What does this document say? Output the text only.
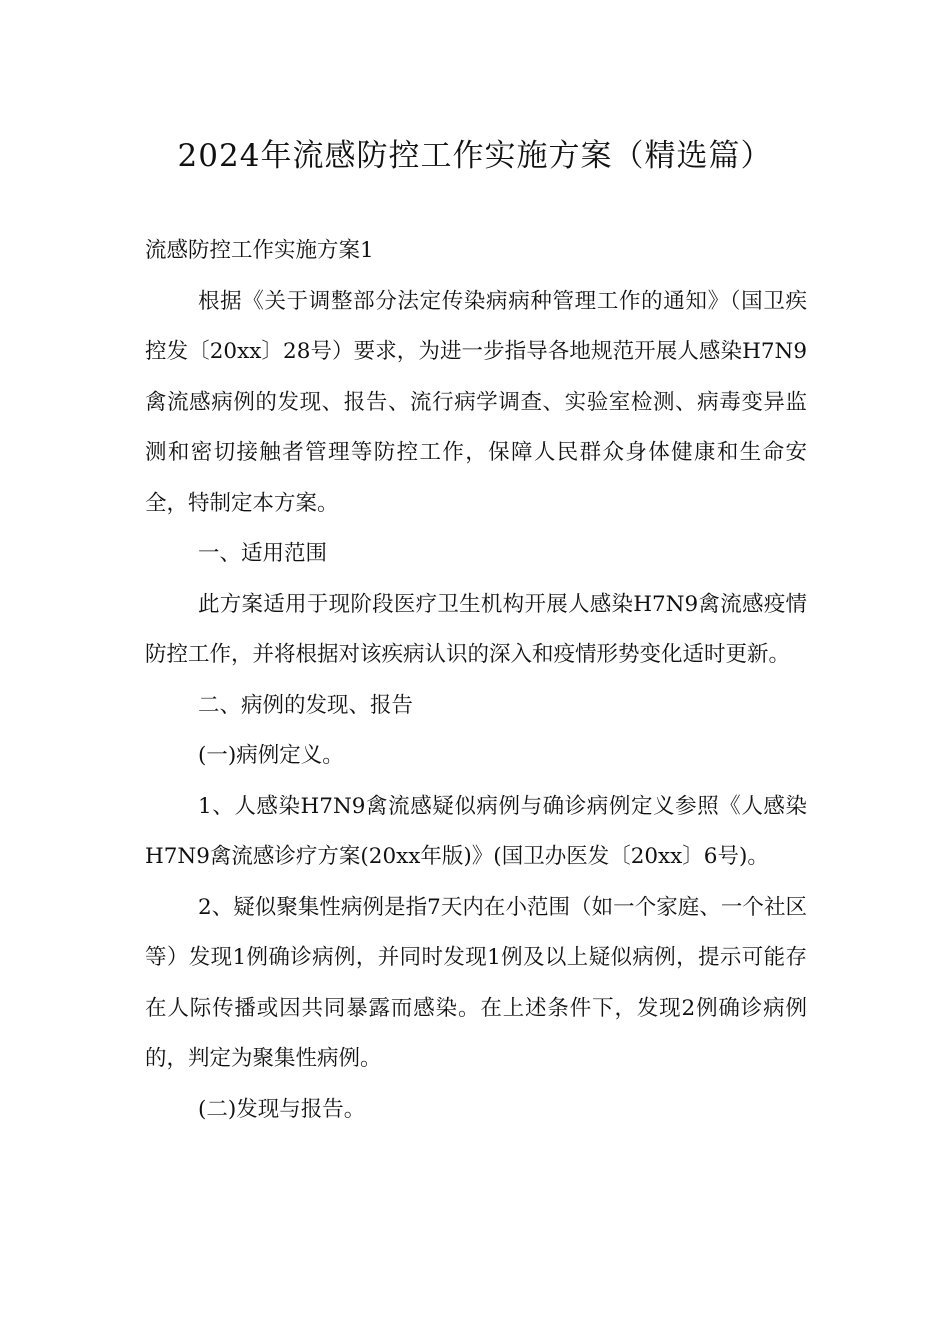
2024年流感防控工作实施方案（精选篇）

流感防控工作实施方案1

根据《关于调整部分法定传染病病种管理工作的通知》（国卫疾控发〔20xx〕28号）要求，为进一步指导各地规范开展人感染H7N9禽流感病例的发现、报告、流行病学调查、实验室检测、病毒变异监测和密切接触者管理等防控工作，保障人民群众身体健康和生命安全，特制定本方案。

一、适用范围

此方案适用于现阶段医疗卫生机构开展人感染H7N9禽流感疫情防控工作，并将根据对该疾病认识的深入和疫情形势变化适时更新。

二、病例的发现、报告

(一)病例定义。

1、人感染H7N9禽流感疑似病例与确诊病例定义参照《人感染H7N9禽流感诊疗方案(20xx年版)》(国卫办医发〔20xx〕6号)。

2、疑似聚集性病例是指7天内在小范围（如一个家庭、一个社区等）发现1例确诊病例，并同时发现1例及以上疑似病例，提示可能存在人际传播或因共同暴露而感染。在上述条件下，发现2例确诊病例的，判定为聚集性病例。

(二)发现与报告。
